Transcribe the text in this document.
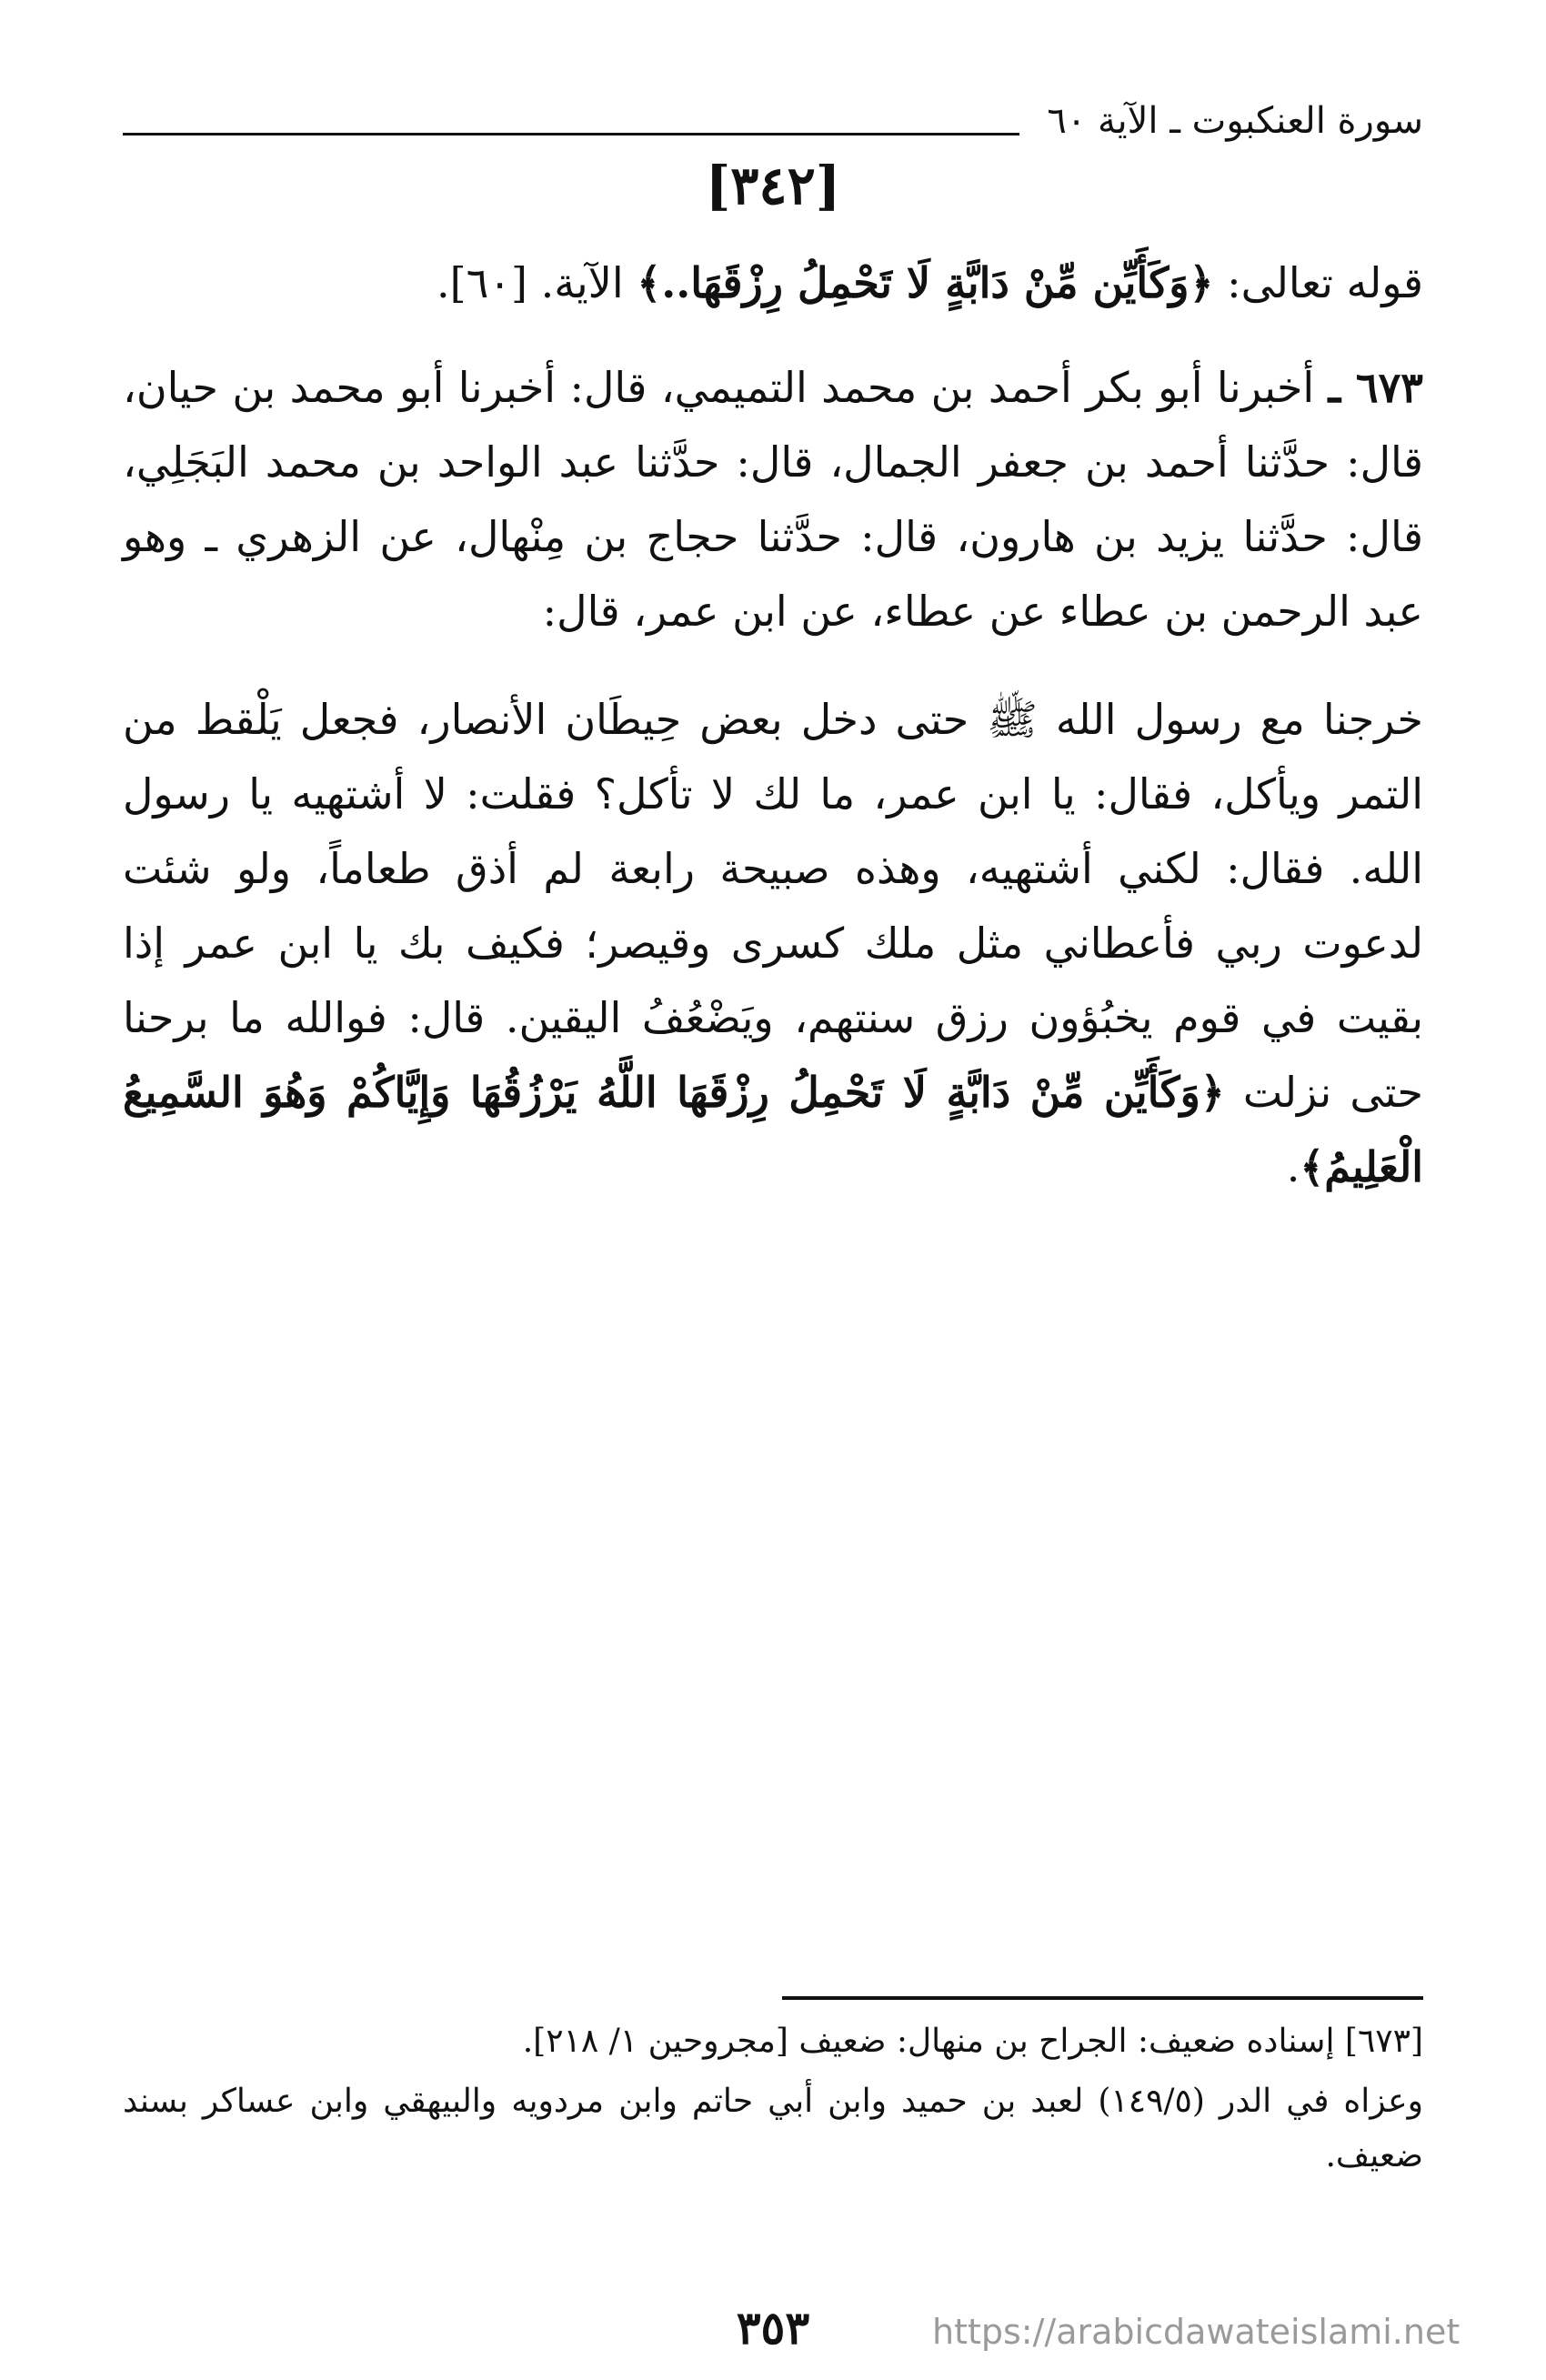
سورة العنكبوت ـ الآية ٦٠
[٣٤٢]
قوله تعالى: ﴿وَكَأَيِّن مِّنْ دَابَّةٍ لَا تَحْمِلُ رِزْقَهَا..﴾ الآية. [٦٠].
٦٧٣ ـ أخبرنا أبو بكر أحمد بن محمد التميمي، قال: أخبرنا أبو محمد بن حيان، قال: حدَّثنا أحمد بن جعفر الجمال، قال: حدَّثنا عبد الواحد بن محمد البَجَلِي، قال: حدَّثنا يزيد بن هارون، قال: حدَّثنا حجاج بن مِنْهال، عن الزهري ـ وهو عبد الرحمن بن عطاء عن عطاء، عن ابن عمر، قال:
خرجنا مع رسول الله ﷺ حتى دخل بعض حِيطَان الأنصار، فجعل يَلْقط من التمر ويأكل، فقال: يا ابن عمر، ما لك لا تأكل؟ فقلت: لا أشتهيه يا رسول الله. فقال: لكني أشتهيه، وهذه صبيحة رابعة لم أذق طعاماً، ولو شئت لدعوت ربي فأعطاني مثل ملك كسرى وقيصر؛ فكيف بك يا ابن عمر إذا بقيت في قوم يخبُؤون رزق سنتهم، ويَضْعُفُ اليقين. قال: فوالله ما برحنا حتى نزلت ﴿وَكَأَيِّن مِّنْ دَابَّةٍ لَا تَحْمِلُ رِزْقَهَا اللَّهُ يَرْزُقُهَا وَإِيَّاكُمْ وَهُوَ السَّمِيعُ الْعَلِيمُ﴾.

[٦٧٣] إسناده ضعيف: الجراح بن منهال: ضعيف [مجروحين ١/ ٢١٨].

وعزاه في الدر (١٤٩/٥) لعبد بن حميد وابن أبي حاتم وابن مردويه والبيهقي وابن عساكر بسند ضعيف.

٣٥٣	https://arabicdawateislami.net
